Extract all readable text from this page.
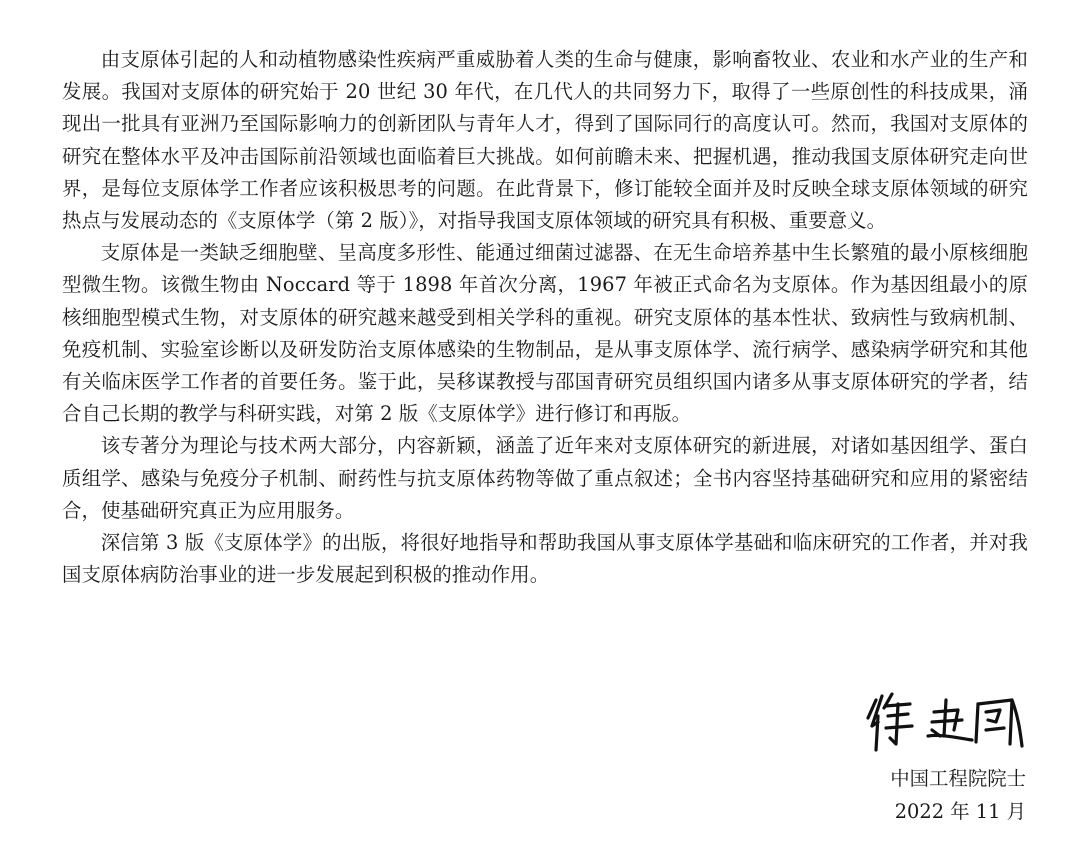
由支原体引起的人和动植物感染性疾病严重威胁着人类的生命与健康，影响畜牧业、农业和水产业的生产和发展。我国对支原体的研究始于 20 世纪 30 年代，在几代人的共同努力下，取得了一些原创性的科技成果，涌现出一批具有亚洲乃至国际影响力的创新团队与青年人才，得到了国际同行的高度认可。然而，我国对支原体的研究在整体水平及冲击国际前沿领域也面临着巨大挑战。如何前瞻未来、把握机遇，推动我国支原体研究走向世界，是每位支原体学工作者应该积极思考的问题。在此背景下，修订能较全面并及时反映全球支原体领域的研究热点与发展动态的《支原体学（第 2 版）》，对指导我国支原体领域的研究具有积极、重要意义。

支原体是一类缺乏细胞壁、呈高度多形性、能通过细菌过滤器、在无生命培养基中生长繁殖的最小原核细胞型微生物。该微生物由 Noccard 等于 1898 年首次分离，1967 年被正式命名为支原体。作为基因组最小的原核细胞型模式生物，对支原体的研究越来越受到相关学科的重视。研究支原体的基本性状、致病性与致病机制、免疫机制、实验室诊断以及研发防治支原体感染的生物制品，是从事支原体学、流行病学、感染病学研究和其他有关临床医学工作者的首要任务。鉴于此，吴移谋教授与邵国青研究员组织国内诸多从事支原体研究的学者，结合自己长期的教学与科研实践，对第 2 版《支原体学》进行修订和再版。

该专著分为理论与技术两大部分，内容新颖，涵盖了近年来对支原体研究的新进展，对诸如基因组学、蛋白质组学、感染与免疫分子机制、耐药性与抗支原体药物等做了重点叙述；全书内容坚持基础研究和应用的紧密结合，使基础研究真正为应用服务。

深信第 3 版《支原体学》的出版，将很好地指导和帮助我国从事支原体学基础和临床研究的工作者，并对我国支原体病防治事业的进一步发展起到积极的推动作用。

中国工程院院士
2022 年 11 月
